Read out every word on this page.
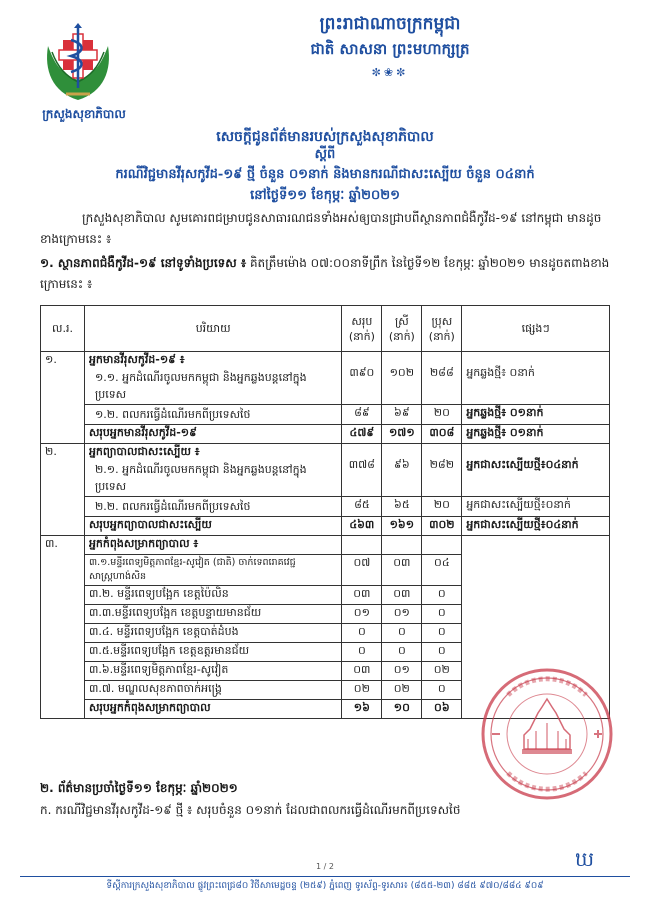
ក្រសួងសុខាភិបាល
ព្រះរាជាណាចក្រកម្ពុជា
ជាតិ សាសនា ព្រះមហាក្សត្រ
✼❀✼
សេចក្តីជូនព័ត៌មានរបស់ក្រសួងសុខាភិបាល
ស្តីពី
ករណីវិជ្ជមានវីរុសកូវីដ-១៩ ថ្មី ចំនួន ០១នាក់ និងមានករណីជាសះស្បើយ ចំនួន ០៤នាក់
នៅថ្ងៃទី១១ ខែកុម្ភៈ ឆ្នាំ២០២១
ក្រសួងសុខាភិបាល សូមគោរពជម្រាបជូនសាធារណជនទាំងអស់ឲ្យបានជ្រាបពីស្ថានភាពជំងឺកូវីដ-១៩ នៅកម្ពុជា មានដូចខាងក្រោមនេះ ៖
១. ស្ថានភាពជំងឺកូវីដ-១៩ នៅទូទាំងប្រទេស ៖ គិតត្រឹមម៉ោង ០៧:០០នាទីព្រឹក នៃថ្ងៃទី១២ ខែកុម្ភៈ ឆ្នាំ២០២១ មានដូចតពាងខាងក្រោមនេះ ៖
ល.រ.	បរិយាយ	សរុប (នាក់)	ស្រី (នាក់)	ប្រុស (នាក់)	ផ្សេងៗ
១.	អ្នកមានវីរុសកូវីដ-១៩ ៖
១.១. អ្នកដំណើរចូលមកកម្ពុជា និងអ្នកឆ្លងបន្តនៅក្នុងប្រទេស	៣៩០	១០២	២៨៨	អ្នកឆ្លងថ្មី៖ ០នាក់

	១.២. ពលករធ្វើដំណើរមកពីប្រទេសថៃ	៨៩	៦៩	២០	អ្នកឆ្លងថ្មី៖ ០១នាក់
	សរុបអ្នកមានវីរុសកូវីដ-១៩	៤៧៩	១៧១	៣០៨	អ្នកឆ្លងថ្មី៖ ០១នាក់
២.	អ្នកព្យាបាលជាសះស្បើយ ៖
២.១. អ្នកដំណើរចូលមកកម្ពុជា និងអ្នកឆ្លងបន្តនៅក្នុងប្រទេស	៣៧៨	៩៦	២៨២	អ្នកជាសះស្បើយថ្មី៖០៤នាក់

	២.២. ពលករធ្វើដំណើរមកពីប្រទេសថៃ	៨៥	៦៥	២០	អ្នកជាសះស្បើយថ្មី៖០នាក់
	សរុបអ្នកព្យាបាលជាសះស្បើយ	៤៦៣	១៦១	៣០២	អ្នកជាសះស្បើយថ្មី៖០៤នាក់
៣.	អ្នកកំពុងសម្រាកព្យាបាល ៖				
	៣.១.មន្ទីរពេទ្យមិត្តភាពខ្មែរ-សូវៀត (ជាតិ) ចាក់ទេពរោគវេជ្ជសាស្ត្រហាង់សិន	០៧	០៣	០៤	
	៣.២. មន្ទីរពេទ្យបង្អែក ខេត្តប៉ៃលិន	០៣	០៣	០	
	៣.៣.មន្ទីរពេទ្យបង្អែក ខេត្តបន្ទាយមានជ័យ	០១	០១	០	
	៣.៤. មន្ទីរពេទ្យបង្អែក ខេត្តបាត់ដំបង	០	០	០	
	៣.៥.មន្ទីរពេទ្យបង្អែក ខេត្តឧត្តរមានជ័យ	០	០	០	
	៣.៦.មន្ទីរពេទ្យមិត្តភាពខ្មែរ-សូវៀត	០៣	០១	០២	
	៣.៧. មណ្ឌលសុខភាពចាក់អង្រ្គេ	០២	០២	០	
	សរុបអ្នកកំពុងសម្រាកព្យាបាល	១៦	១០	០៦	
២. ព័ត៌មានប្រចាំថ្ងៃទី១១ ខែកុម្ភៈ ឆ្នាំ២០២១
ក. ករណីវិជ្ជមានវីរុសកូវីដ-១៩ ថ្មី ៖ សរុបចំនួន ០១នាក់ ដែលជាពលករធ្វើដំណើរមកពីប្រទេសថៃ
ឃ
1 / 2
ទីស្តីការក្រសួងសុខាភិបាល ផ្លូវព្រះពេជ្រ៨០ វិថីសាមេដ្ឋចន្ទ (២៥៩) ភ្នំពេញ ទូរស័ព្ទ-ទូរសារ៖ (៨៥៥-២៣) ៨៨៥ ៩៧០/៨៨៤ ៩០៩
